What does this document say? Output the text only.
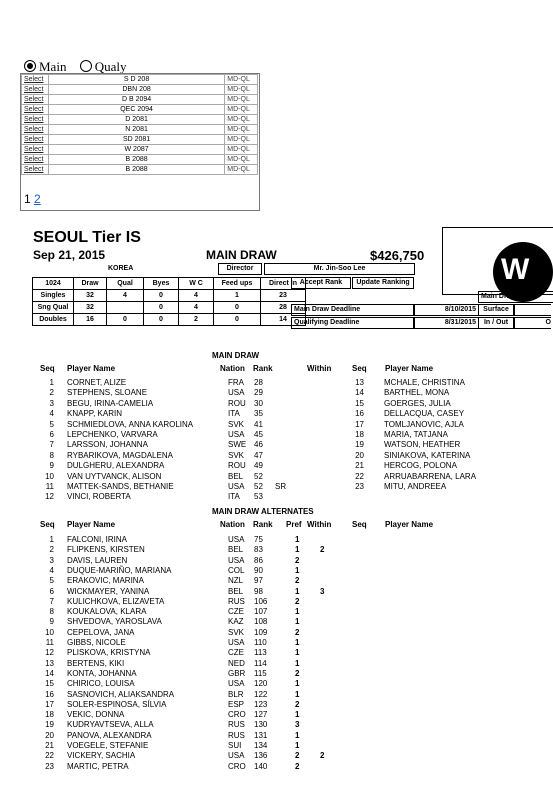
Main Qualy
Select	S D 208	MD-QL
Select	DBN 208	MD-QL
Select	D B 2094	MD-QL
Select	QEC 2094	MD-QL
Select	D 2081	MD-QL
Select	N 2081	MD-QL
Select	SD 2081	MD-QL
Select	W 2087	MD-QL
Select	B 2088	MD-QL
Select	B 2088	MD-QL
1 2
SEOUL Tier IS
Sep 21, 2015	MAIN DRAW	$426,750
KOREA	Director	Mr. Jin-Soo Lee	W
1024	Draw	Qual	Byes	W C	Feed ups	Direct In
Singles	32	4	0	4	1	23
Sng Qual	32		0	4	0	28
Doubles	16	0	0	2	0	14
Accept Rank	Update Ranking
Main Draw Deadline	8/10/2015
Qualifying Deadline	8/31/2015
Main Draw Sta
Surface
In / Out	O
MAIN DRAW
Seq Player Name	Nation Rank	Within	Seq Player Name
1 CORNET, ALIZE	FRA 28
2 STEPHENS, SLOANE	USA 29
3 BEGU, IRINA-CAMELIA	ROU 30
4 KNAPP, KARIN	ITA 35
5 SCHMIEDLOVA, ANNA KAROLINA	SVK 41
6 LEPCHENKO, VARVARA	USA 45
7 LARSSON, JOHANNA	SWE 46
8 RYBARIKOVA, MAGDALENA	SVK 47
9 DULGHERU, ALEXANDRA	ROU 49
10 VAN UYTVANCK, ALISON	BEL 52
11 MATTEK-SANDS, BETHANIE	USA 52 SR
12 VINCI, ROBERTA	ITA 53
13	MCHALE, CHRISTINA
14	BARTHEL, MONA
15	GOERGES, JULIA
16	DELLACQUA, CASEY
17	TOMLJANOVIC, AJLA
18	MARIA, TATJANA
19	WATSON, HEATHER
20	SINIAKOVA, KATERINA
21	HERCOG, POLONA
22	ARRUABARRENA, LARA
23	MITU, ANDREEA
MAIN DRAW ALTERNATES
Seq Player Name	Nation Rank Pref Within	Seq Player Name
1 FALCONI, IRINA	USA 75	1
2 FLIPKENS, KIRSTEN	BEL 83	1	2
3 DAVIS, LAUREN	USA 86	2
4 DUQUE-MARIÑO, MARIANA	COL 90	1
5 ERAKOVIC, MARINA	NZL 97	2
6 WICKMAYER, YANINA	BEL 98	1	3
7 KULICHKOVA, ELIZAVETA	RUS 106	2
8 KOUKALOVA, KLARA	CZE 107	1
9 SHVEDOVA, YAROSLAVA	KAZ 108	1
10 CEPELOVA, JANA	SVK 109	2
11 GIBBS, NICOLE	USA 110	1
12 PLISKOVA, KRISTYNA	CZE 113	1
13 BERTENS, KIKI	NED 114	1
14 KONTA, JOHANNA	GBR 115	2
15 CHIRICO, LOUISA	USA 120	1
16 SASNOVICH, ALIAKSANDRA	BLR 122	1
17 SOLER-ESPINOSA, SÍLVIA	ESP 123	2
18 VEKIC, DONNA	CRO 127	1
19 KUDRYAVTSEVA, ALLA	RUS 130	3
20 PANOVA, ALEXANDRA	RUS 131	1
21 VOEGELE, STEFANIE	SUI 134	1
22 VICKERY, SACHIA	USA 136	2	2
23 MARTIC, PETRA	CRO 140	2
